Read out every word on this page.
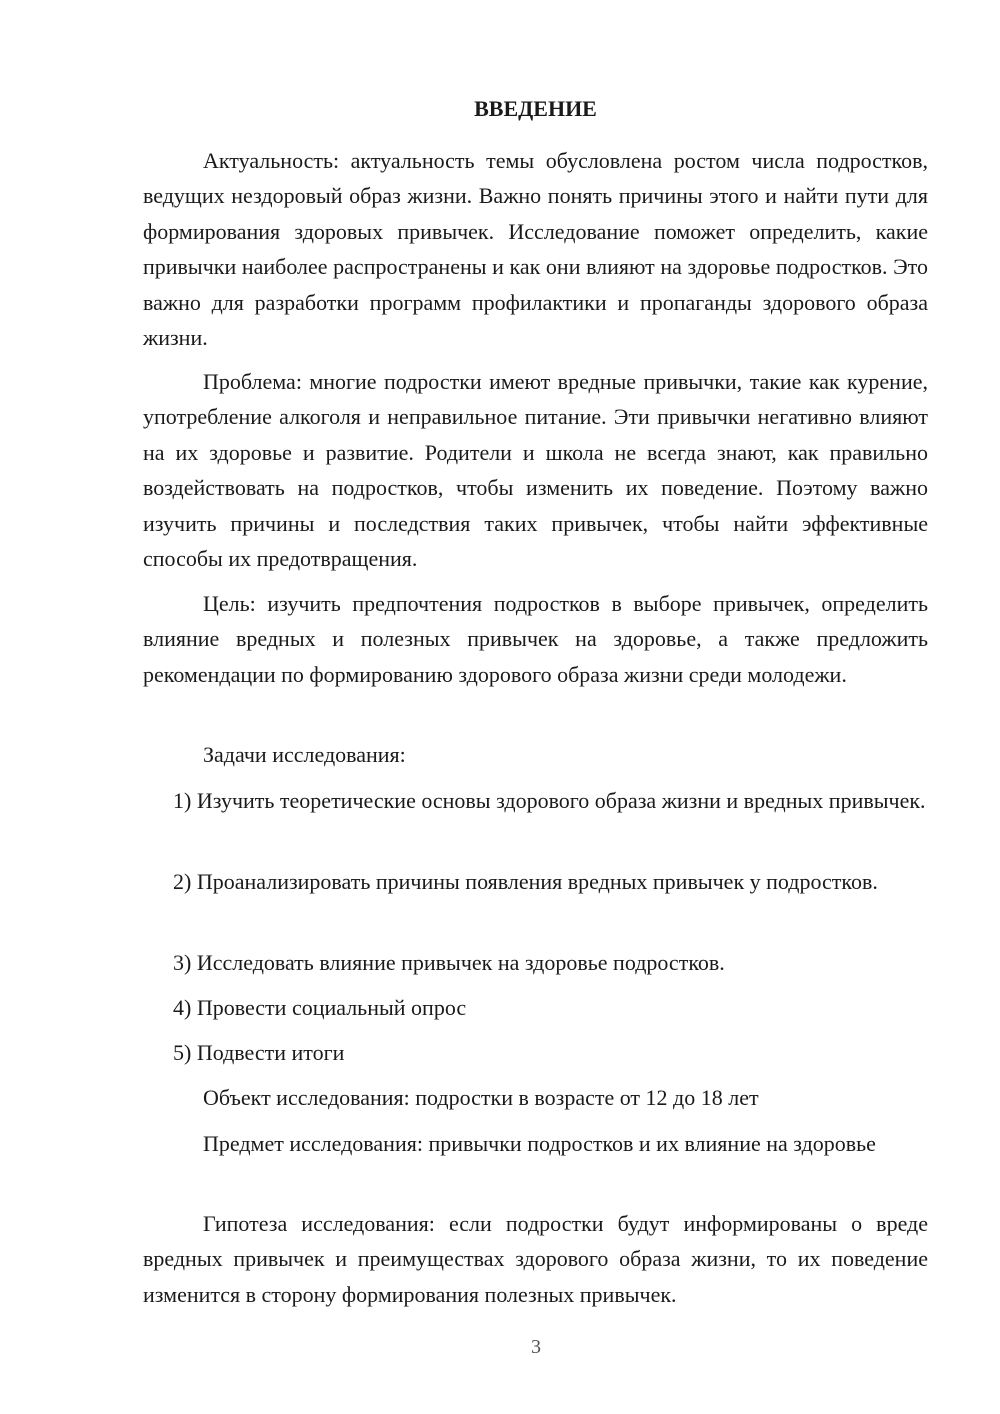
ВВЕДЕНИЕ

Актуальность: актуальность темы обусловлена ростом числа подростков, ведущих нездоровый образ жизни. Важно понять причины этого и найти пути для формирования здоровых привычек. Исследование поможет определить, какие привычки наиболее распространены и как они влияют на здоровье подростков. Это важно для разработки программ профилактики и пропаганды здорового образа жизни.

Проблема: многие подростки имеют вредные привычки, такие как курение, употребление алкоголя и неправильное питание. Эти привычки негативно влияют на их здоровье и развитие. Родители и школа не всегда знают, как правильно воздействовать на подростков, чтобы изменить их поведение. Поэтому важно изучить причины и последствия таких привычек, чтобы найти эффективные способы их предотвращения.

Цель: изучить предпочтения подростков в выборе привычек, определить влияние вредных и полезных привычек на здоровье, а также предложить рекомендации по формированию здорового образа жизни среди молодежи.

Задачи исследования:

1) Изучить теоретические основы здорового образа жизни и вредных привычек.

2) Проанализировать причины появления вредных привычек у подростков.

3) Исследовать влияние привычек на здоровье подростков.

4) Провести социальный опрос

5) Подвести итоги

Объект исследования: подростки в возрасте от 12 до 18 лет

Предмет исследования: привычки подростков и их влияние на здоровье

Гипотеза исследования: если подростки будут информированы о вреде вредных привычек и преимуществах здорового образа жизни, то их поведение изменится в сторону формирования полезных привычек.

3
